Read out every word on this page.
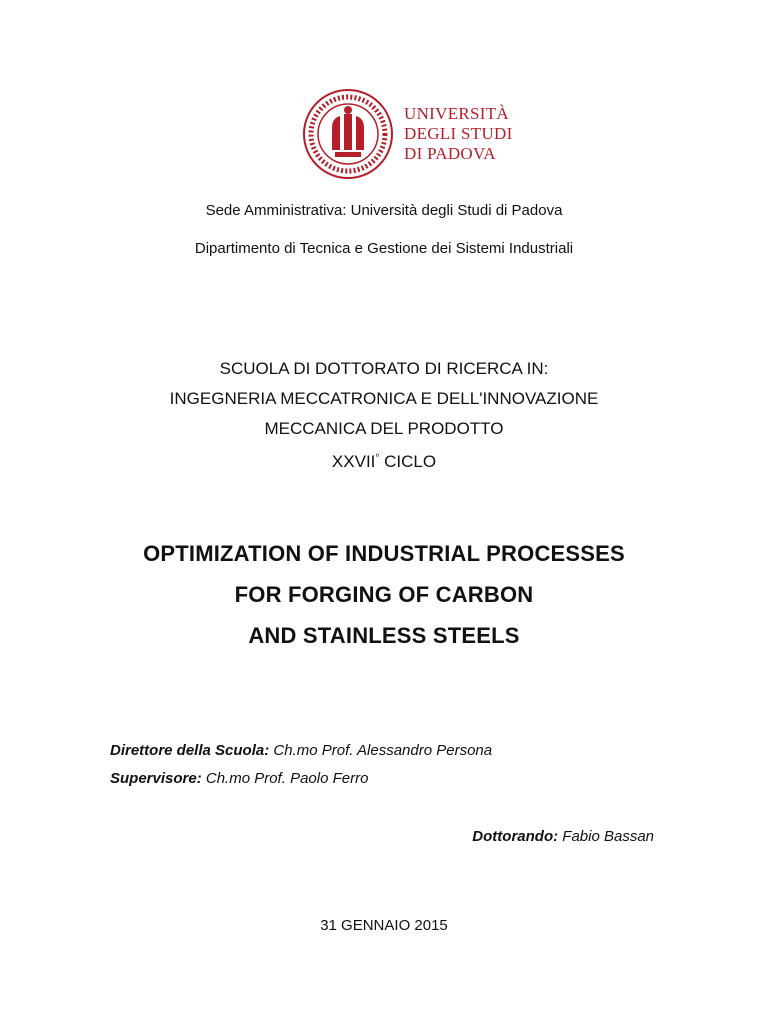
UNIVERSITÀ
DEGLI STUDI
DI PADOVA
Sede Amministrativa: Università degli Studi di Padova
Dipartimento di Tecnica e Gestione dei Sistemi Industriali
SCUOLA DI DOTTORATO DI RICERCA IN:
INGEGNERIA MECCATRONICA E DELL'INNOVAZIONE
MECCANICA DEL PRODOTTO
XXVII° CICLO
OPTIMIZATION OF INDUSTRIAL PROCESSES
FOR FORGING OF CARBON
AND STAINLESS STEELS
Direttore della Scuola: Ch.mo Prof. Alessandro Persona
Supervisore: Ch.mo Prof. Paolo Ferro
Dottorando: Fabio Bassan
31 GENNAIO 2015
